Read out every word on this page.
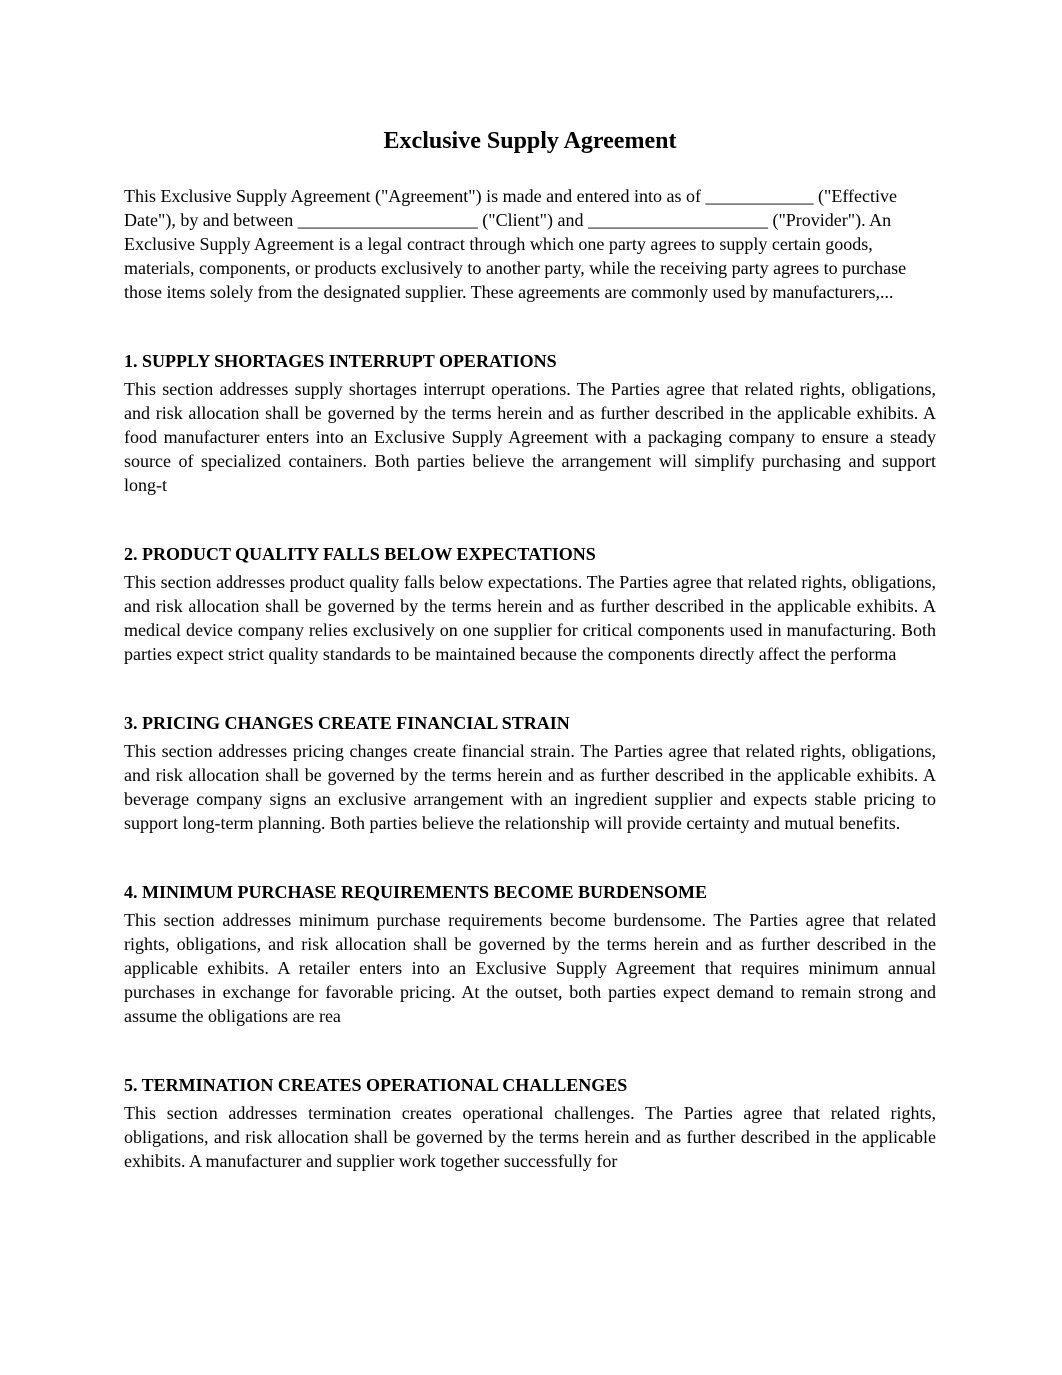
Exclusive Supply Agreement

This Exclusive Supply Agreement ("Agreement") is made and entered into as of ____________ ("Effective Date"), by and between ____________________ ("Client") and ____________________ ("Provider"). An Exclusive Supply Agreement is a legal contract through which one party agrees to supply certain goods, materials, components, or products exclusively to another party, while the receiving party agrees to purchase those items solely from the designated supplier. These agreements are commonly used by manufacturers,...

1. SUPPLY SHORTAGES INTERRUPT OPERATIONS

This section addresses supply shortages interrupt operations. The Parties agree that related rights, obligations, and risk allocation shall be governed by the terms herein and as further described in the applicable exhibits. A food manufacturer enters into an Exclusive Supply Agreement with a packaging company to ensure a steady source of specialized containers. Both parties believe the arrangement will simplify purchasing and support long-t

2. PRODUCT QUALITY FALLS BELOW EXPECTATIONS

This section addresses product quality falls below expectations. The Parties agree that related rights, obligations, and risk allocation shall be governed by the terms herein and as further described in the applicable exhibits. A medical device company relies exclusively on one supplier for critical components used in manufacturing. Both parties expect strict quality standards to be maintained because the components directly affect the performa

3. PRICING CHANGES CREATE FINANCIAL STRAIN

This section addresses pricing changes create financial strain. The Parties agree that related rights, obligations, and risk allocation shall be governed by the terms herein and as further described in the applicable exhibits. A beverage company signs an exclusive arrangement with an ingredient supplier and expects stable pricing to support long-term planning. Both parties believe the relationship will provide certainty and mutual benefits.

4. MINIMUM PURCHASE REQUIREMENTS BECOME BURDENSOME

This section addresses minimum purchase requirements become burdensome. The Parties agree that related rights, obligations, and risk allocation shall be governed by the terms herein and as further described in the applicable exhibits. A retailer enters into an Exclusive Supply Agreement that requires minimum annual purchases in exchange for favorable pricing. At the outset, both parties expect demand to remain strong and assume the obligations are rea

5. TERMINATION CREATES OPERATIONAL CHALLENGES

This section addresses termination creates operational challenges. The Parties agree that related rights, obligations, and risk allocation shall be governed by the terms herein and as further described in the applicable exhibits. A manufacturer and supplier work together successfully for
